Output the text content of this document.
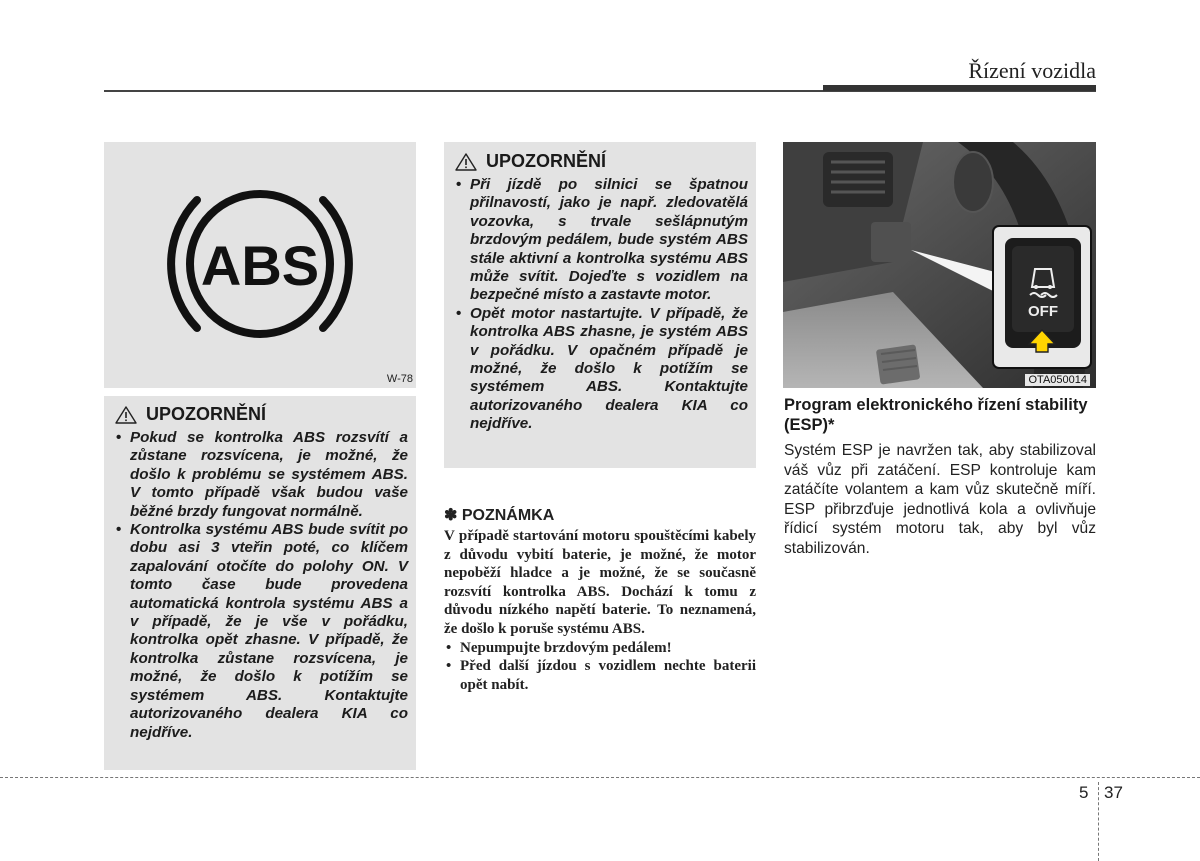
Řízení vozidla
ABS
W-78
UPOZORNĚNÍ
• Pokud se kontrolka ABS rozsvítí a zůstane rozsvícena, je možné, že došlo k problému se systémem ABS. V tomto případě však budou vaše běžné brzdy fungovat normálně.
• Kontrolka systému ABS bude svítit po dobu asi 3 vteřin poté, co klíčem zapalování otočíte do polohy ON. V tomto čase bude provedena automatická kontrola systému ABS a v případě, že je vše v pořádku, kontrolka opět zhasne. V případě, že kontrolka zůstane rozsvícena, je možné, že došlo k potížím se systémem ABS. Kontaktujte autorizovaného dealera KIA co nejdříve.
UPOZORNĚNÍ
• Při jízdě po silnici se špatnou přilnavostí, jako je např. zledovatělá vozovka, s trvale sešlápnutým brzdovým pedálem, bude systém ABS stále aktivní a kontrolka systému ABS může svítit. Dojeďte s vozidlem na bezpečné místo a zastavte motor.
• Opět motor nastartujte. V případě, že kontrolka ABS zhasne, je systém ABS v pořádku. V opačném případě je možné, že došlo k potížím se systémem ABS. Kontaktujte autorizovaného dealera KIA co nejdříve.
✽ POZNÁMKA

V případě startování motoru spouštěcími kabely z důvodu vybití baterie, je možné, že motor nepoběží hladce a je možné, že se současně rozsvítí kontrolka ABS. Dochází k tomu z důvodu nízkého napětí baterie. To neznamená, že došlo k poruše systému ABS.

• Nepumpujte brzdovým pedálem!
• Před další jízdou s vozidlem nechte baterii opět nabít.
OFF
OTA050014
Program elektronického řízení stability (ESP)*

Systém ESP je navržen tak, aby stabilizoval váš vůz při zatáčení. ESP kontroluje kam zatáčíte volantem a kam vůz skutečně míří. ESP přibrzďuje jednotlivá kola a ovlivňuje řídicí systém motoru tak, aby byl vůz stabilizován.

5 37
